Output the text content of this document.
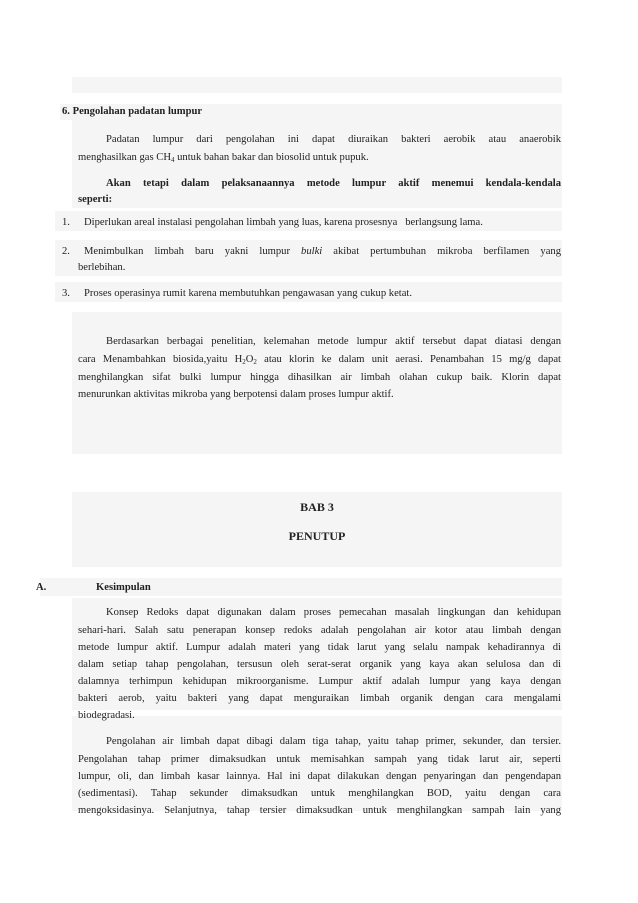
6. Pengolahan padatan lumpur
Padatan lumpur dari pengolahan ini dapat diuraikan bakteri aerobik atau anaerobik
menghasilkan gas $CH_4$ untuk bahan bakar dan biosolid untuk pupuk.
Akan tetapi dalam pelaksanaannya metode lumpur aktif menemui kendala-kendala
seperti:
1. Diperlukan areal instalasi pengolahan limbah yang luas, karena prosesnya   berlangsung lama.
2. Menimbulkan limbah baru yakni lumpur bulki akibat pertumbuhan mikroba berfilamen yang
berlebihan.
3. Proses operasinya rumit karena membutuhkan pengawasan yang cukup ketat.
Berdasarkan berbagai penelitian, kelemahan metode lumpur aktif tersebut dapat diatasi dengan
cara Menambahkan biosida,yaitu $H_2O_2$ atau klorin ke dalam unit aerasi. Penambahan 15 mg/g dapat
menghilangkan sifat bulki lumpur hingga dihasilkan air limbah olahan cukup baik. Klorin dapat
menurunkan aktivitas mikroba yang berpotensi dalam proses lumpur aktif.
BAB 3
PENUTUP
A.	Kesimpulan
Konsep Redoks dapat digunakan dalam proses pemecahan masalah lingkungan dan kehidupan
sehari-hari. Salah satu penerapan konsep redoks adalah pengolahan air kotor atau limbah dengan
metode lumpur aktif. Lumpur adalah materi yang tidak larut yang selalu nampak kehadirannya di
dalam setiap tahap pengolahan, tersusun oleh serat-serat organik yang kaya akan selulosa dan di
dalamnya terhimpun kehidupan mikroorganisme. Lumpur aktif adalah lumpur yang kaya dengan
bakteri aerob, yaitu bakteri yang dapat menguraikan limbah organik dengan cara mengalami
biodegradasi.
Pengolahan air limbah dapat dibagi dalam tiga tahap, yaitu tahap primer, sekunder, dan tersier.
Pengolahan tahap primer dimaksudkan untuk memisahkan sampah yang tidak larut air, seperti
lumpur, oli, dan limbah kasar lainnya. Hal ini dapat dilakukan dengan penyaringan dan pengendapan
(sedimentasi). Tahap sekunder dimaksudkan untuk menghilangkan BOD, yaitu dengan cara
mengoksidasinya. Selanjutnya, tahap tersier dimaksudkan untuk menghilangkan sampah lain yang
